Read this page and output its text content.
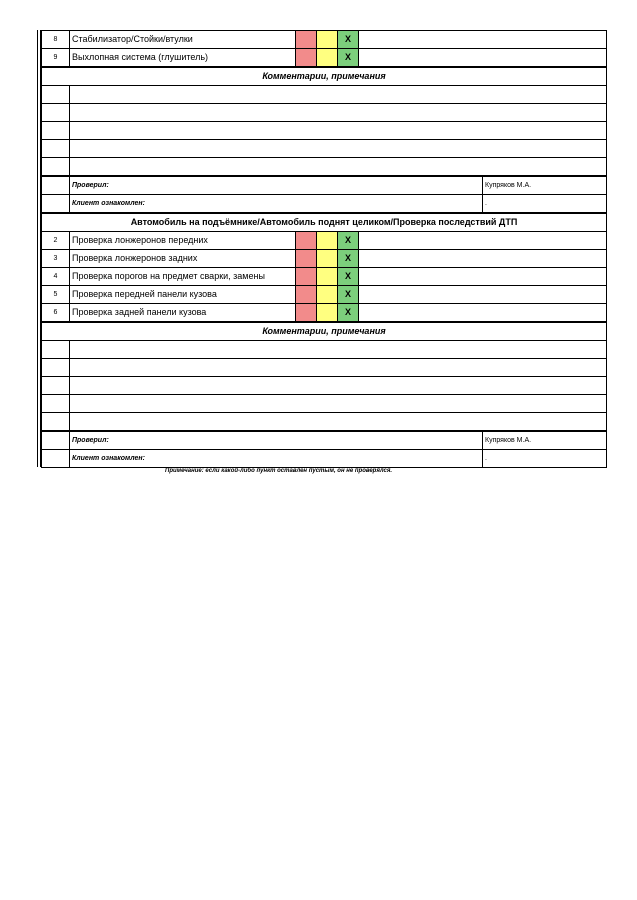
8	Стабилизатор/Стойки/втулки			X		
9	Выхлопная система (глушитель)			X		
Комментарии, примечания						

	Проверил:					Купряков М.А.
	Клиент ознакомлен:					.
Автомобиль на подъёмнике/Автомобиль поднят целиком/Проверка последствий ДТП						
2	Проверка лонжеронов передних			X		
3	Проверка лонжеронов задних			X		
4	Проверка порогов на предмет сварки, замены			X		
5	Проверка передней панели кузова			X		
6	Проверка задней панели кузова			X		
Комментарии, примечания						

	Проверил:					Купряков М.А.
	Клиент ознакомлен:					.
Примечание: если какой-либо пункт оставлен пустым, он не проверялся.
